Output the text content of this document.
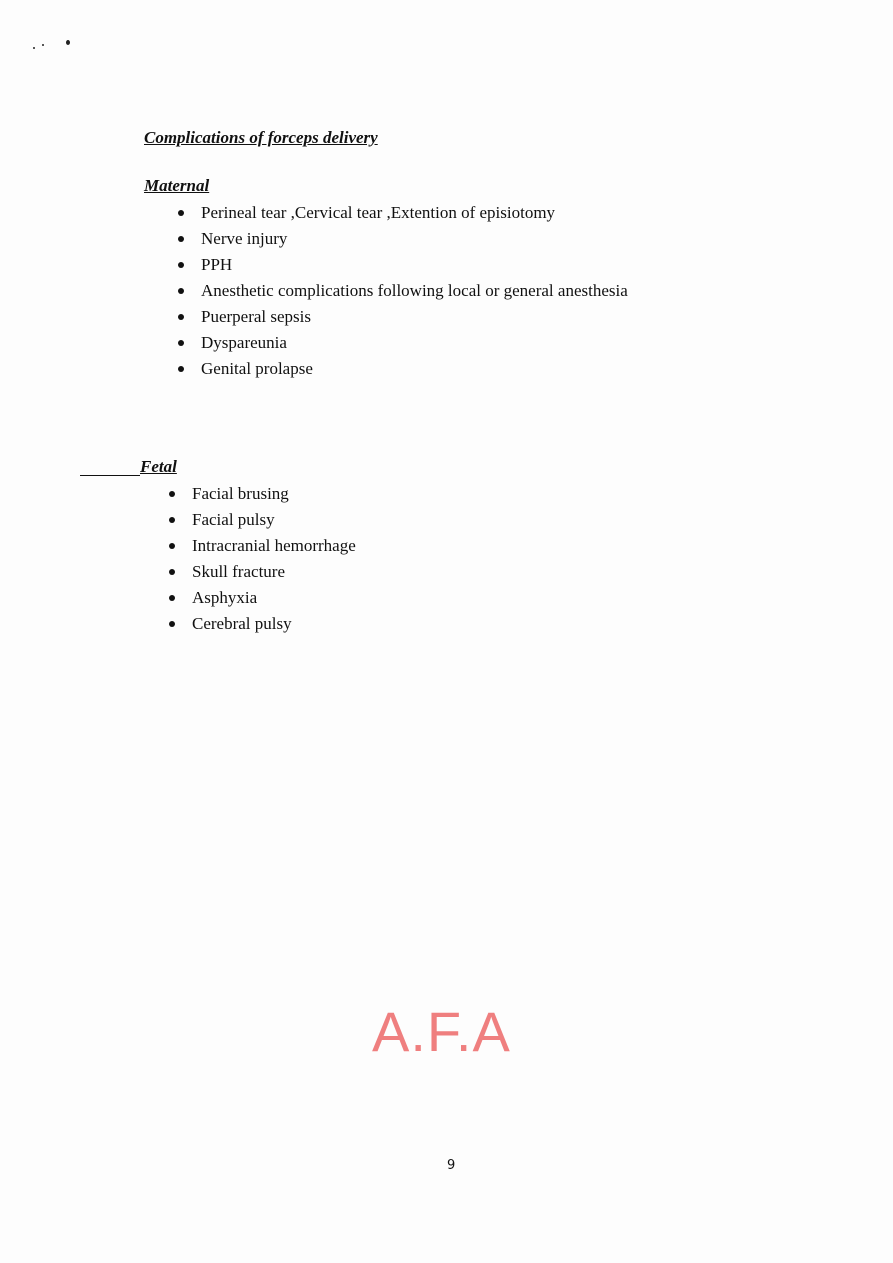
Complications of forceps delivery
Maternal
Perineal tear ,Cervical tear ,Extention of episiotomy
Nerve injury
PPH
Anesthetic complications following local or general anesthesia
Puerperal sepsis
Dyspareunia
Genital prolapse
Fetal
Facial brusing
Facial pulsy
Intracranial hemorrhage
Skull fracture
Asphyxia
Cerebral pulsy
A.F.A
9
